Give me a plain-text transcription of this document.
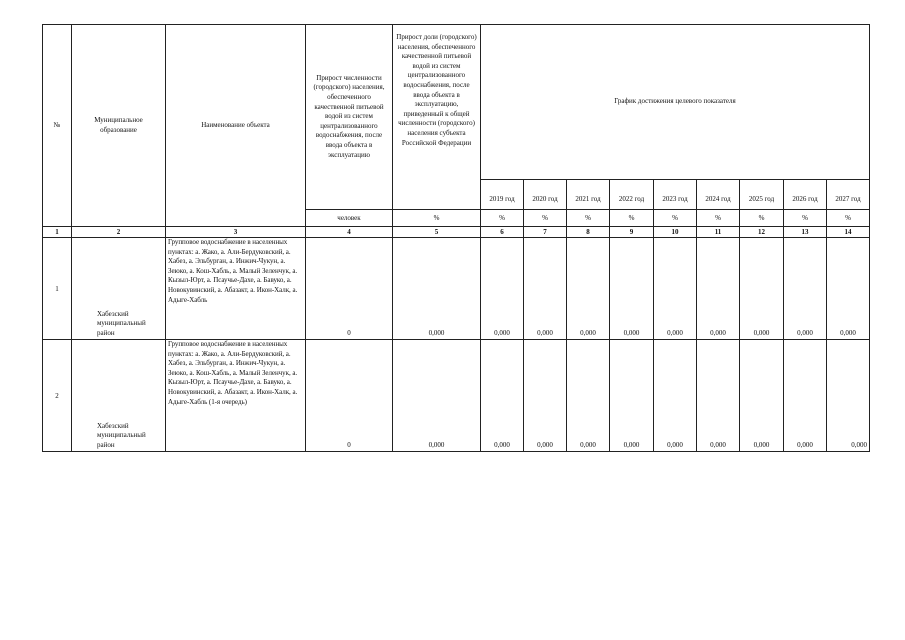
№	Муниципальное образование	Наименование объекта	Прирост численности (городского) населения, обеспеченного качественной питьевой водой из систем централизованного водоснабжения, после ввода объекта в эксплуатацию	Прирост доли (городского) населения, обеспеченного качественной питьевой водой из систем централизованного водоснабжения, после ввода объекта в эксплуатацию, приведенный к общей численности (городского) населения субъекта Российской Федерации	График достижения целевого показателя								
					2019 год	2020 год	2021 год	2022 год	2023 год	2024 год	2025 год	2026 год	2027 год
			человек	%	%	%	%	%	%	%	%	%	%
1	2	3	4	5	6	7	8	9	10	11	12	13	14
1	Хабезский муниципальный район	Групповое водоснабжение в населенных пунктах: а. Жако, а. Али-Бердуковский, а. Хабез, а. Эльбурган, а. Инжич-Чукун, а. Зеюко, а. Кош-Хабль, а. Малый Зеленчук, а. Кызыл-Юрт, а. Псаучье-Дахе, а. Бавуко, а. Новокувинский, а. Абазакт, а. Икон-Халк, а. Адыге-Хабль	0	0,000	0,000	0,000	0,000	0,000	0,000	0,000	0,000	0,000	0,000
2	Хабезский муниципальный район	Групповое водоснабжение в населенных пунктах: а. Жако, а. Али-Бердуковский, а. Хабез, а. Эльбурган, а. Инжич-Чукун, а. Зеюко, а. Кош-Хабль, а. Малый Зеленчук, а. Кызыл-Юрт, а. Псаучье-Дахе, а. Бавуко, а. Новокувинский, а. Абазакт, а. Икон-Халк, а. Адыге-Хабль (1-я очередь)	0	0,000	0,000	0,000	0,000	0,000	0,000	0,000	0,000	0,000	0,000
